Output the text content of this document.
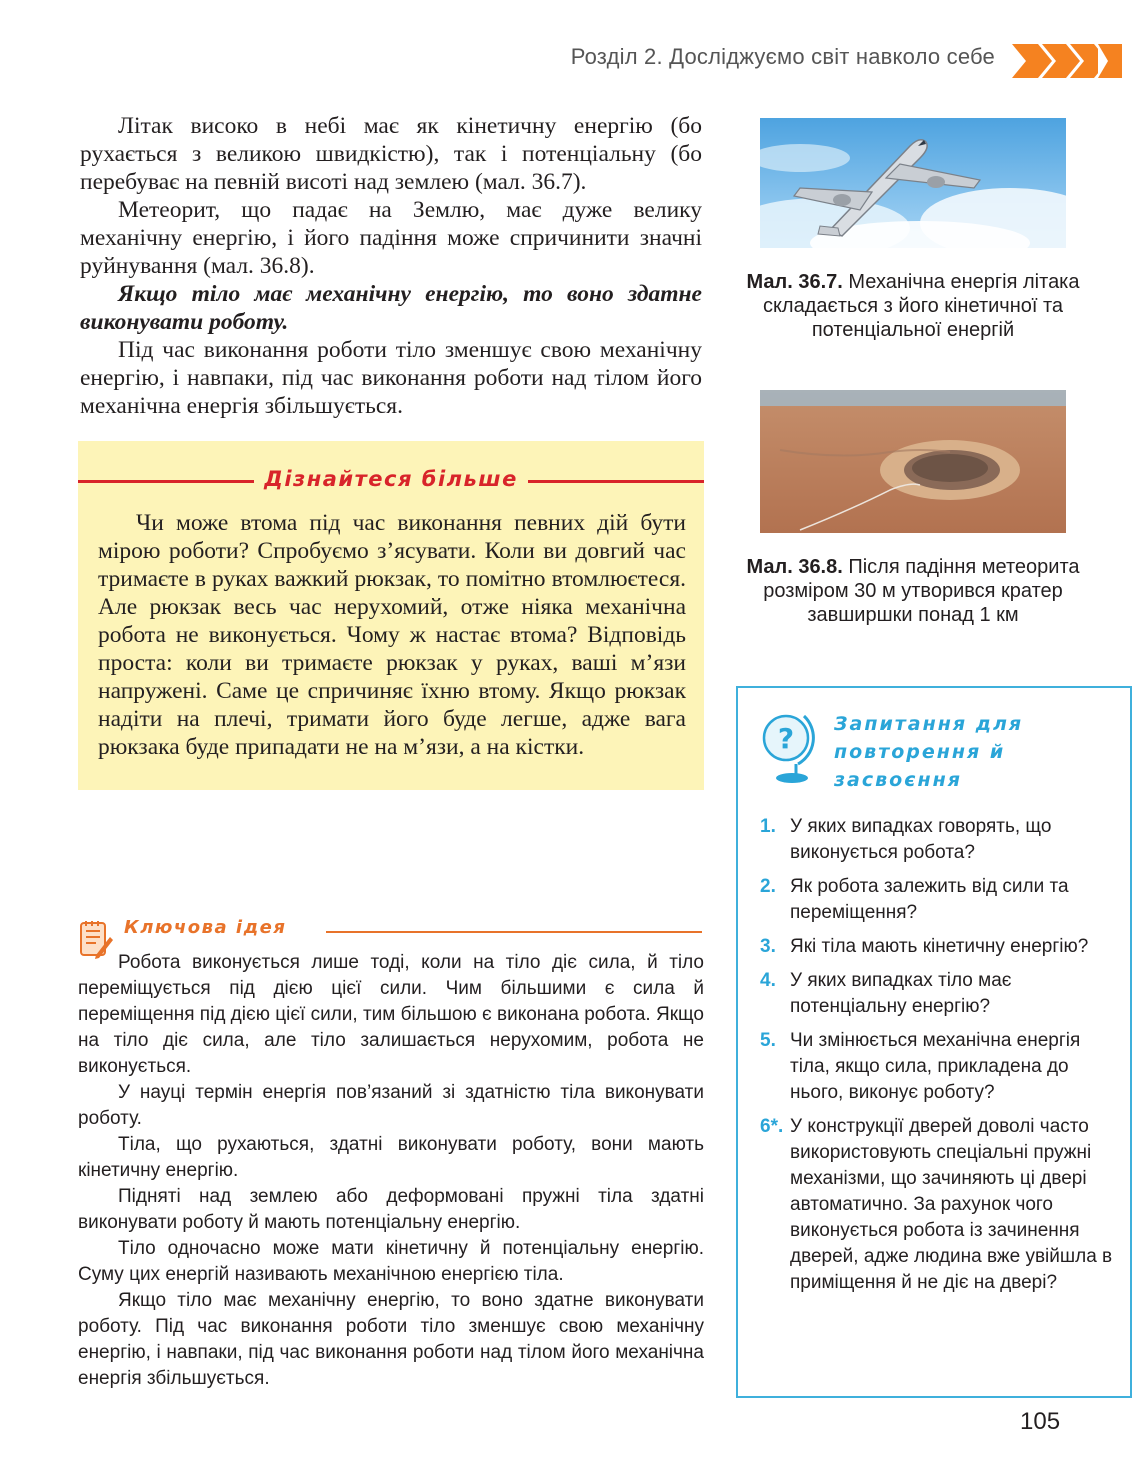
Розділ 2. Досліджуємо світ навколо себе

Літак високо в небі має як кінетичну енергію (бо рухається з великою швидкістю), так і потенціальну (бо перебуває на певній висоті над землею (мал. 36.7).

Метеорит, що падає на Землю, має дуже велику механічну енергію, і його падіння може спричинити значні руйнування (мал. 36.8).

Якщо тіло має механічну енергію, то воно здатне виконувати роботу.

Під час виконання роботи тіло зменшує свою механічну енергію, і навпаки, під час виконання роботи над тілом його механічна енергія збільшується.

Дізнайтеся більше

Чи може втома під час виконання певних дій бути мірою роботи? Спробуємо з’ясувати. Коли ви довгий час тримаєте в руках важкий рюкзак, то помітно втомлюєтеся. Але рюкзак весь час нерухомий, отже ніяка механічна робота не виконується. Чому ж настає втома? Відповідь проста: коли ви тримаєте рюкзак у руках, ваші м’язи напружені. Саме це спричиняє їхню втому. Якщо рюкзак надіти на плечі, тримати його буде легше, адже вага рюкзака буде припадати не на м’язи, а на кістки.

Ключова ідея

Робота виконується лише тоді, коли на тіло діє сила, й тіло переміщується під дією цієї сили. Чим більшими є сила й переміщення під дією цієї сили, тим більшою є виконана робота. Якщо на тіло діє сила, але тіло залишається нерухомим, робота не виконується.

У науці термін енергія пов’язаний зі здатністю тіла виконувати роботу.

Тіла, що рухаються, здатні виконувати роботу, вони мають кінетичну енергію.

Підняті над землею або деформовані пружні тіла здатні виконувати роботу й мають потенціальну енергію.

Тіло одночасно може мати кінетичну й потенціальну енергію. Суму цих енергій називають механічною енергією тіла.

Якщо тіло має механічну енергію, то воно здатне виконувати роботу. Під час виконання роботи тіло зменшує свою механічну енергію, і навпаки, під час виконання роботи над тілом його механічна енергія збільшується.

Мал. 36.7. Механічна енергія літака складається з його кінетичної та потенціальної енергій
Мал. 36.8. Після падіння метеорита розміром 30 м утворився кратер завширшки понад 1 км
? Запитання для повторення й засвоєння
1. У яких випадках говорять, що виконується робота?
2. Як робота залежить від сили та переміщення?
3. Які тіла мають кінетичну енергію?
4. У яких випадках тіло має потенціальну енергію?
5. Чи змінюється механічна енергія тіла, якщо сила, прикладена до нього, виконує роботу?
6*. У конструкції дверей доволі часто використовують спеціальні пружні механізми, що зачиняють ці двері автоматично. За рахунок чого виконується робота із зачинення дверей, адже людина вже увійшла в приміщення й не діє на двері?
105
